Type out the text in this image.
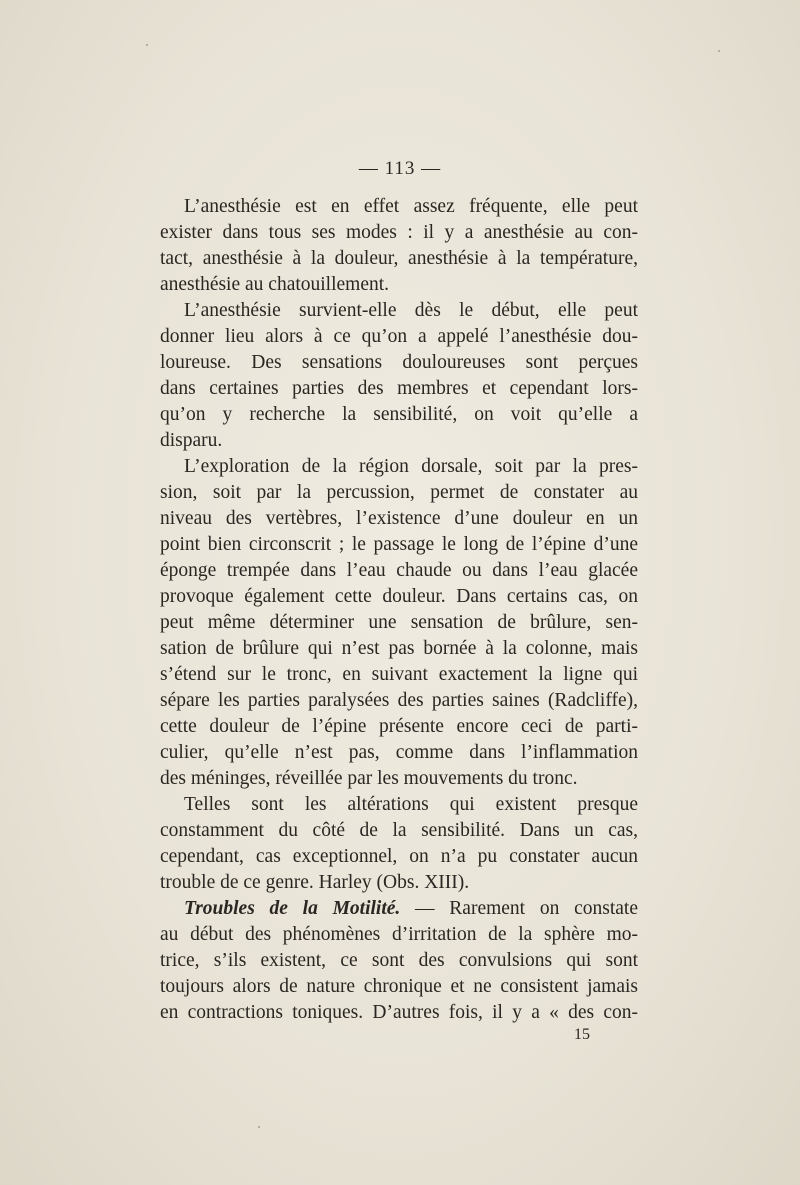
— 113 —
L’anesthésie est en effet assez fréquente, elle peut
exister dans tous ses modes : il y a anesthésie au con-
tact, anesthésie à la douleur, anesthésie à la température,
anesthésie au chatouillement.
L’anesthésie survient-elle dès le début, elle peut
donner lieu alors à ce qu’on a appelé l’anesthésie dou-
loureuse. Des sensations douloureuses sont perçues
dans certaines parties des membres et cependant lors-
qu’on y recherche la sensibilité, on voit qu’elle a
disparu.
L’exploration de la région dorsale, soit par la pres-
sion, soit par la percussion, permet de constater au
niveau des vertèbres, l’existence d’une douleur en un
point bien circonscrit ; le passage le long de l’épine d’une
éponge trempée dans l’eau chaude ou dans l’eau glacée
provoque également cette douleur. Dans certains cas, on
peut même déterminer une sensation de brûlure, sen-
sation de brûlure qui n’est pas bornée à la colonne, mais
s’étend sur le tronc, en suivant exactement la ligne qui
sépare les parties paralysées des parties saines (Radcliffe),
cette douleur de l’épine présente encore ceci de parti-
culier, qu’elle n’est pas, comme dans l’inflammation
des méninges, réveillée par les mouvements du tronc.
Telles sont les altérations qui existent presque
constamment du côté de la sensibilité. Dans un cas,
cependant, cas exceptionnel, on n’a pu constater aucun
trouble de ce genre. Harley (Obs. XIII).
Troubles de la Motilité. — Rarement on constate
au début des phénomènes d’irritation de la sphère mo-
trice, s’ils existent, ce sont des convulsions qui sont
toujours alors de nature chronique et ne consistent jamais
en contractions toniques. D’autres fois, il y a « des con-
15
